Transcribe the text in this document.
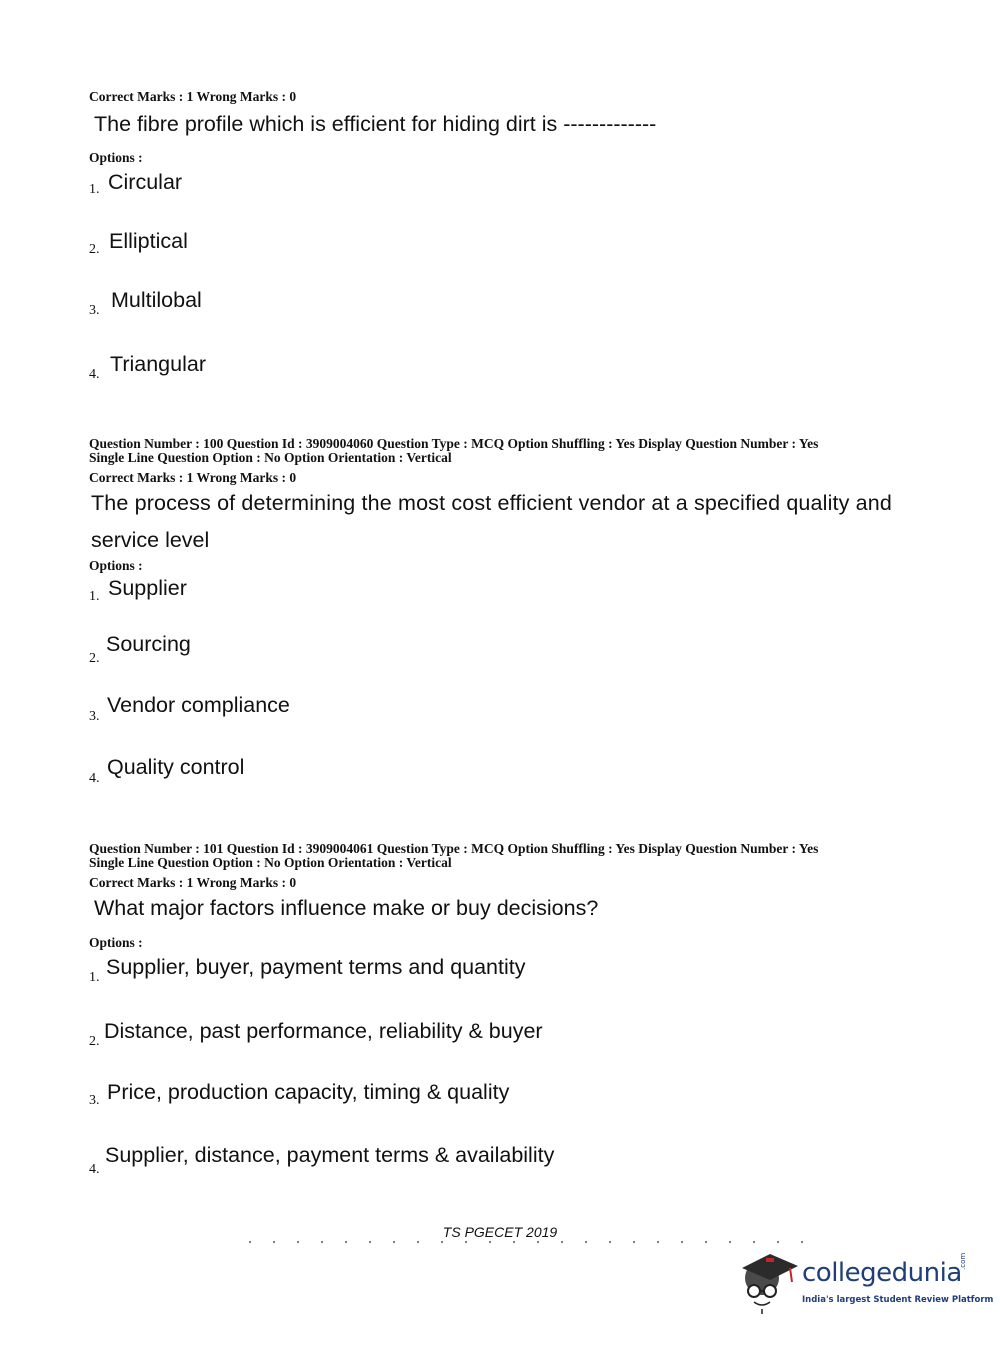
Correct Marks : 1 Wrong Marks : 0
The fibre profile which is efficient for hiding dirt is -------------
Options :
1. Circular
2. Elliptical
3. Multilobal
4. Triangular
Question Number : 100 Question Id : 3909004060 Question Type : MCQ Option Shuffling : Yes Display Question Number : Yes
Single Line Question Option : No Option Orientation : Vertical
Correct Marks : 1 Wrong Marks : 0
The process of determining the most cost efficient vendor at a specified quality and
service level
Options :
1. Supplier
2.
Sourcing
3. Vendor compliance
4. Quality control
Question Number : 101 Question Id : 3909004061 Question Type : MCQ Option Shuffling : Yes Display Question Number : Yes
Single Line Question Option : No Option Orientation : Vertical
Correct Marks : 1 Wrong Marks : 0
What major factors influence make or buy decisions?
Options :
1. Supplier, buyer, payment terms and quantity
2. Distance, past performance, reliability & buyer
3. Price, production capacity, timing & quality
4.
Supplier, distance, payment terms & availability
TS PGECET 2019
collegedunia
.com
India's largest Student Review Platform
